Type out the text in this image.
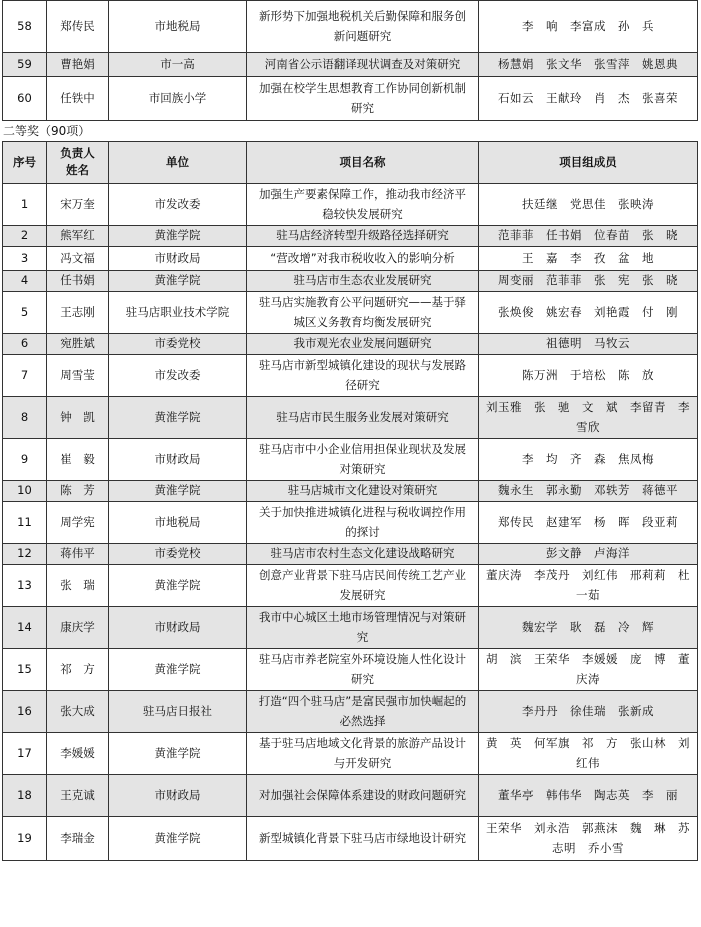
58	郑传民	市地税局	新形势下加强地税机关后勤保障和服务创新问题研究	李　响　李富成　孙　兵
59	曹艳娟	市一高	河南省公示语翻译现状调查及对策研究	杨慧娟　张文华　张雪萍　姚恩典
60	任铁中	市回族小学	加强在校学生思想教育工作协同创新机制研究	石如云　王献玲　肖　杰　张喜荣
二等奖（90项）
序号	负责人姓名	单位	项目名称	项目组成员
1	宋万奎	市发改委	加强生产要素保障工作，推动我市经济平稳较快发展研究	扶廷继　党思佳　张映涛
2	熊军红	黄淮学院	驻马店经济转型升级路径选择研究	范菲菲　任书娟　位春苗　张　晓
3	冯文福	市财政局	“营改增”对我市税收收入的影响分析	王　嘉　李　孜　盆　地
4	任书娟	黄淮学院	驻马店市生态农业发展研究	周变丽　范菲菲　张　宪　张　晓
5	王志刚	驻马店职业技术学院	驻马店实施教育公平问题研究——基于驿城区义务教育均衡发展研究	张焕俊　姚宏春　刘艳霞　付　刚
6	宛胜斌	市委党校	我市观光农业发展问题研究	祖德明　马牧云
7	周雪莹	市发改委	驻马店市新型城镇化建设的现状与发展路径研究	陈万洲　于培松　陈　放
8	钟　凯	黄淮学院	驻马店市民生服务业发展对策研究	刘玉雅　张　驰　文　斌　李留青　李雪欣
9	崔　毅	市财政局	驻马店市中小企业信用担保业现状及发展对策研究	李　均　齐　森　焦凤梅
10	陈　芳	黄淮学院	驻马店城市文化建设对策研究	魏永生　郭永勤　邓轶芳　蒋德平
11	周学宪	市地税局	关于加快推进城镇化进程与税收调控作用的探讨	郑传民　赵建军　杨　晖　段亚莉
12	蒋伟平	市委党校	驻马店市农村生态文化建设战略研究	彭文静　卢海洋
13	张　瑞	黄淮学院	创意产业背景下驻马店民间传统工艺产业发展研究	董庆涛　李茂丹　刘红伟　邢莉莉　杜一茹
14	康庆学	市财政局	我市中心城区土地市场管理情况与对策研究	魏宏学　耿　磊　冷　辉
15	祁　方	黄淮学院	驻马店市养老院室外环境设施人性化设计研究	胡　滨　王荣华　李媛媛　庞　博　董庆涛
16	张大成	驻马店日报社	打造“四个驻马店”是富民强市加快崛起的必然选择	李丹丹　徐佳瑞　张新成
17	李媛媛	黄淮学院	基于驻马店地域文化背景的旅游产品设计与开发研究	黄　英　何军旗　祁　方　张山林　刘红伟
18	王克诚	市财政局	对加强社会保障体系建设的财政问题研究	董华亭　韩伟华　陶志英　李　丽
19	李瑞金	黄淮学院	新型城镇化背景下驻马店市绿地设计研究	王荣华　刘永浩　郭燕沫　魏　琳　苏志明　乔小雪
